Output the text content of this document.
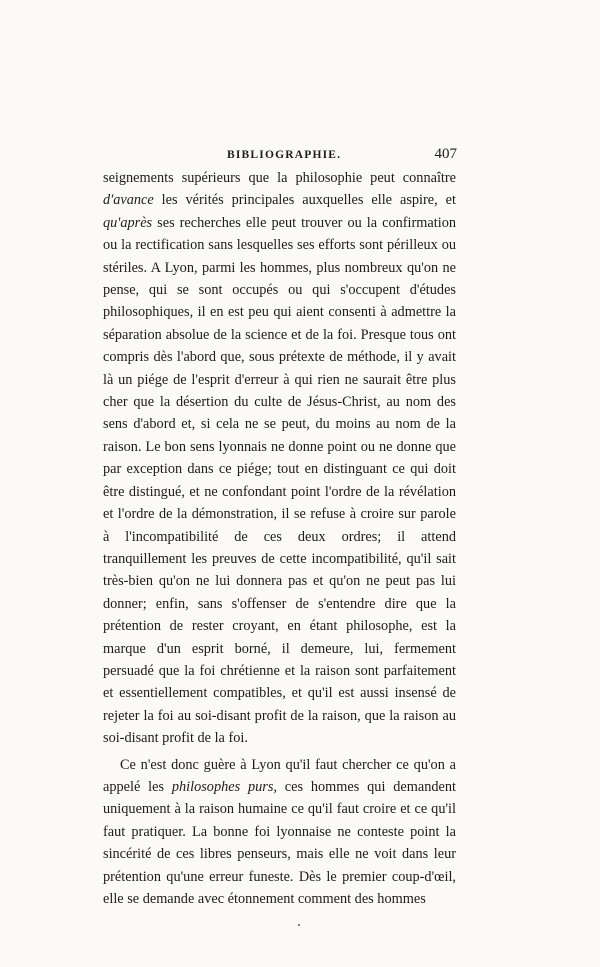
BIBLIOGRAPHIE.	407

seignements supérieurs que la philosophie peut connaître d'avance les vérités principales auxquelles elle aspire, et qu'après ses recherches elle peut trouver ou la confirmation ou la rectification sans lesquelles ses efforts sont périlleux ou stériles. A Lyon, parmi les hommes, plus nombreux qu'on ne pense, qui se sont occupés ou qui s'occupent d'études philosophiques, il en est peu qui aient consenti à admettre la séparation absolue de la science et de la foi. Presque tous ont compris dès l'abord que, sous prétexte de méthode, il y avait là un piége de l'esprit d'erreur à qui rien ne saurait être plus cher que la désertion du culte de Jésus-Christ, au nom des sens d'abord et, si cela ne se peut, du moins au nom de la raison. Le bon sens lyonnais ne donne point ou ne donne que par exception dans ce piége; tout en distinguant ce qui doit être distingué, et ne confondant point l'ordre de la révélation et l'ordre de la démonstration, il se refuse à croire sur parole à l'incompatibilité de ces deux ordres; il attend tranquillement les preuves de cette incompatibilité, qu'il sait très-bien qu'on ne lui donnera pas et qu'on ne peut pas lui donner; enfin, sans s'offenser de s'entendre dire que la prétention de rester croyant, en étant philosophe, est la marque d'un esprit borné, il demeure, lui, fermement persuadé que la foi chrétienne et la raison sont parfaitement et essentiellement compatibles, et qu'il est aussi insensé de rejeter la foi au soi-disant profit de la raison, que la raison au soi-disant profit de la foi.

Ce n'est donc guère à Lyon qu'il faut chercher ce qu'on a appelé les philosophes purs, ces hommes qui demandent uniquement à la raison humaine ce qu'il faut croire et ce qu'il faut pratiquer. La bonne foi lyonnaise ne conteste point la sincérité de ces libres penseurs, mais elle ne voit dans leur prétention qu'une erreur funeste. Dès le premier coup-d'œil, elle se demande avec étonnement comment des hommes
